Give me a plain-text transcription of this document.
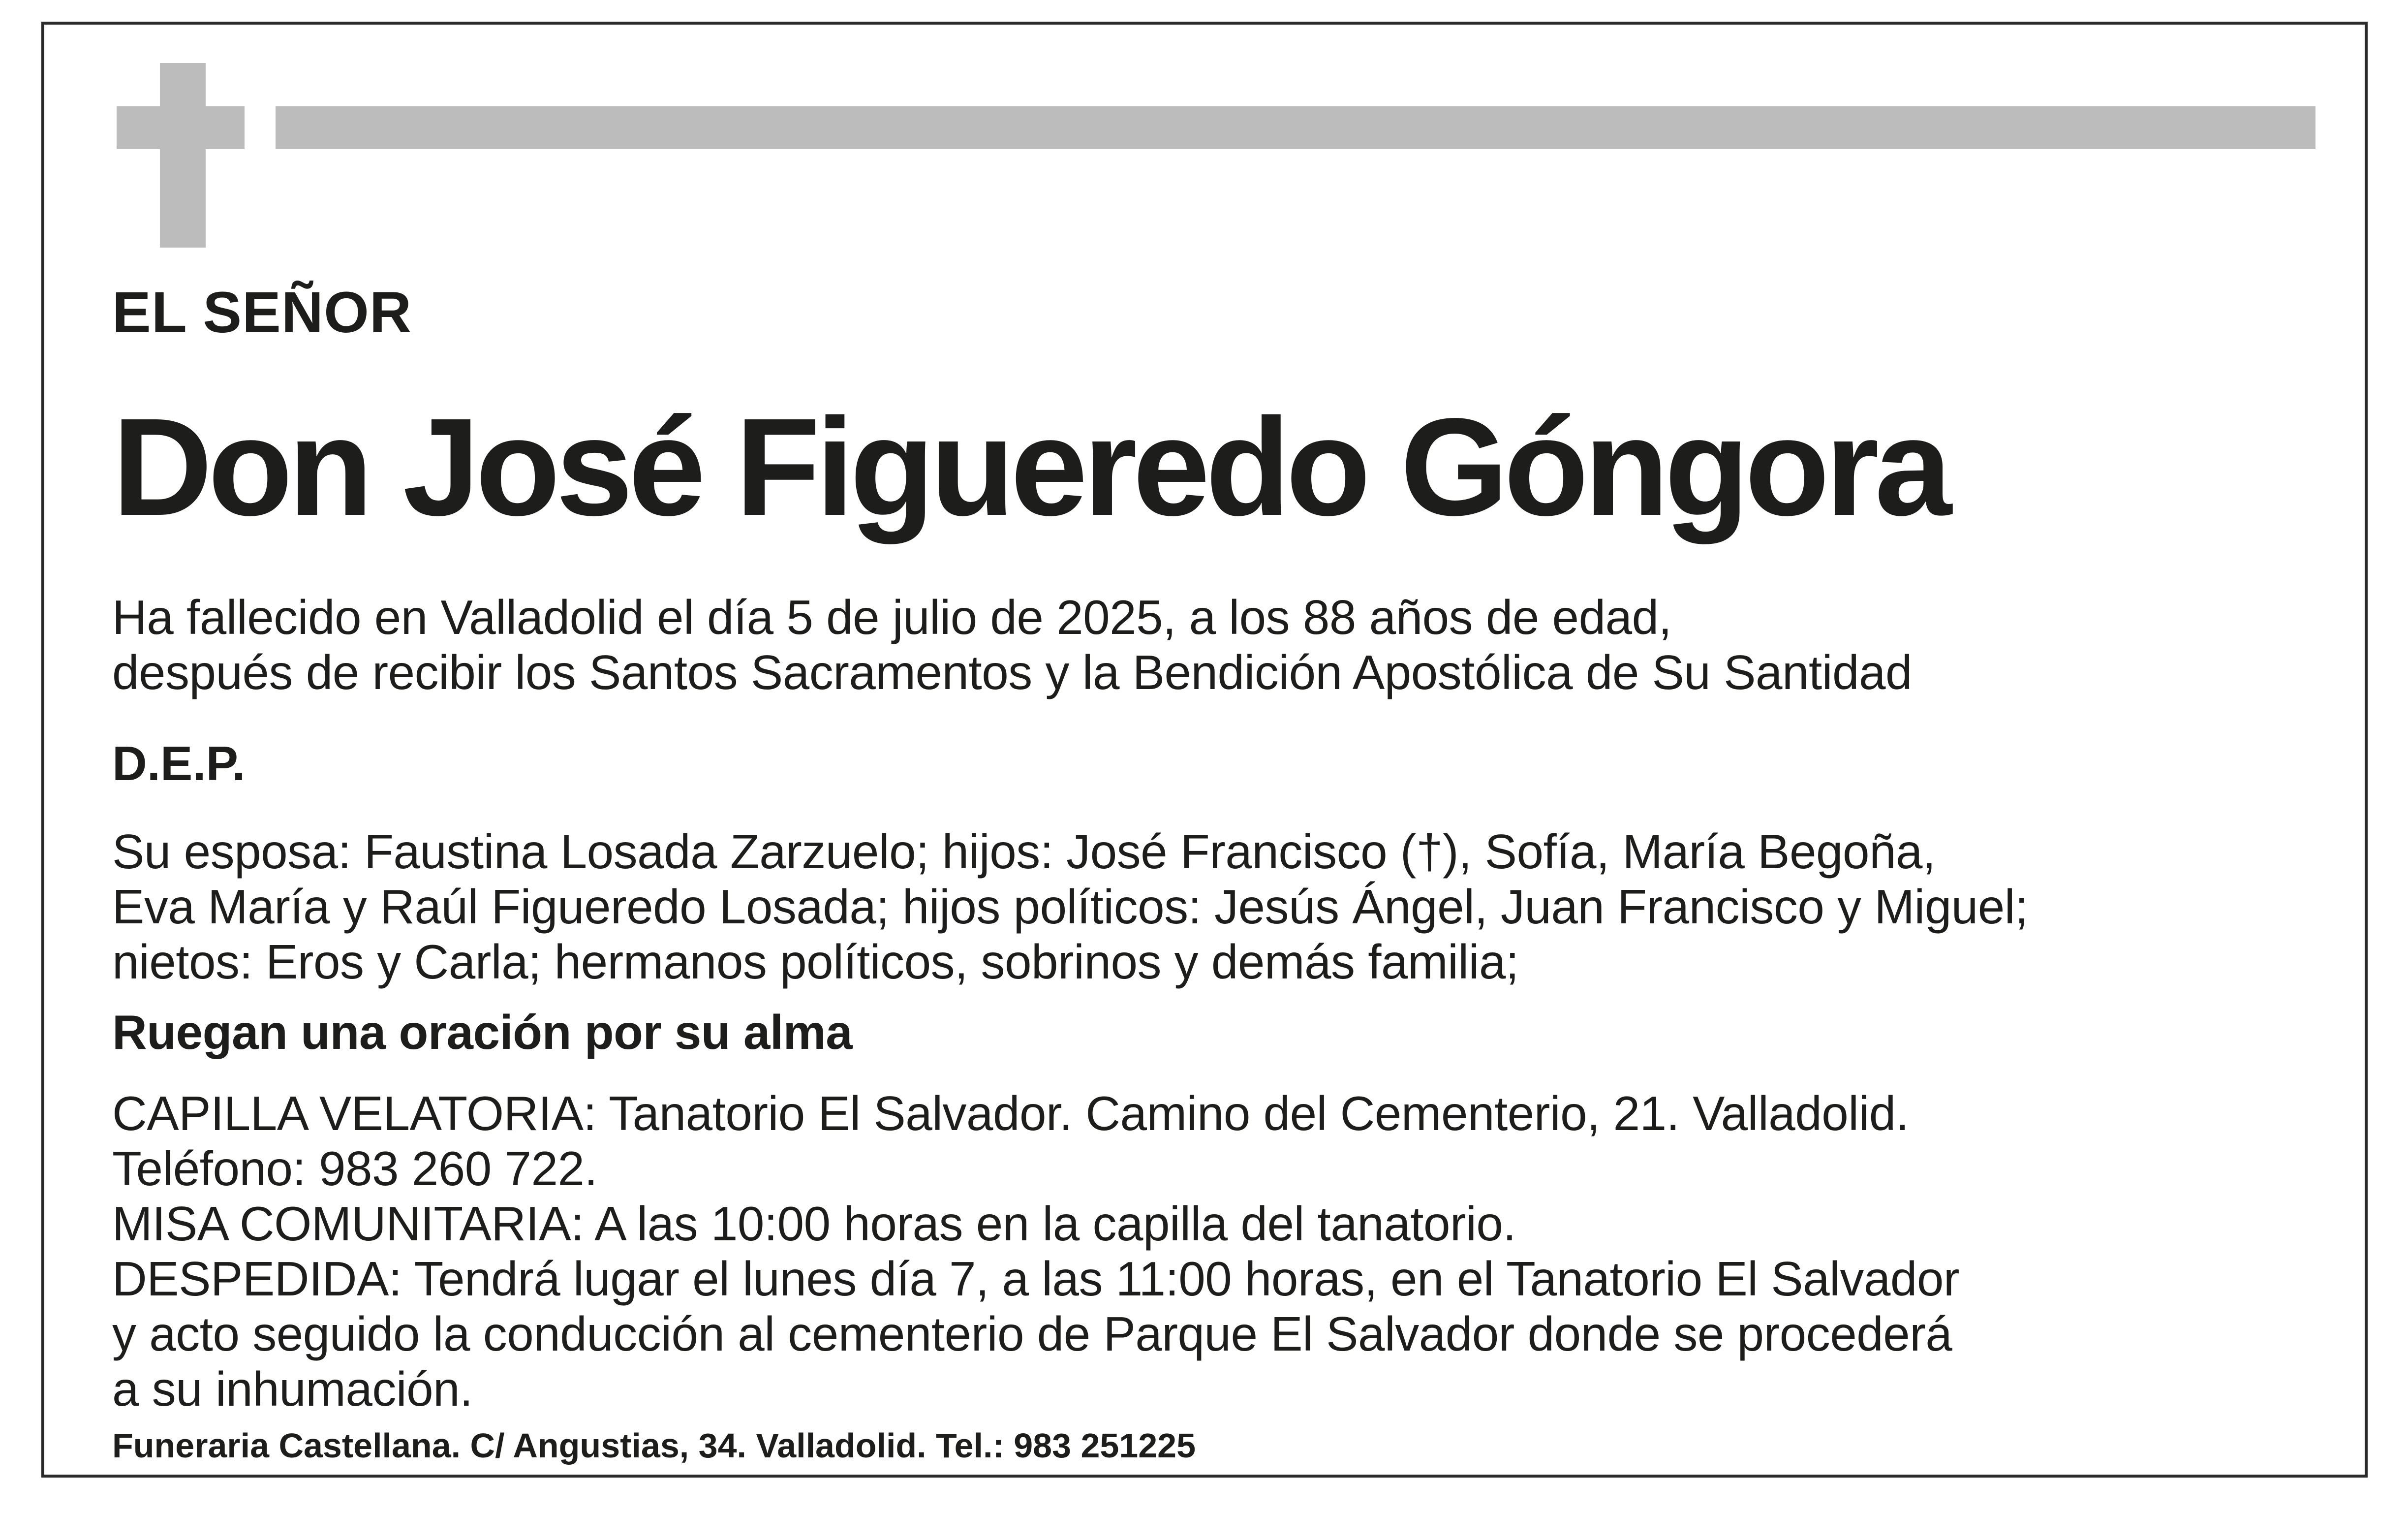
EL SEÑOR
Don José Figueredo Góngora
Ha fallecido en Valladolid el día 5 de julio de 2025, a los 88 años de edad,
después de recibir los Santos Sacramentos y la Bendición Apostólica de Su Santidad
D.E.P.
Su esposa: Faustina Losada Zarzuelo; hijos: José Francisco (†), Sofía, María Begoña,
Eva María y Raúl Figueredo Losada; hijos políticos: Jesús Ángel, Juan Francisco y Miguel;
nietos: Eros y Carla; hermanos políticos, sobrinos y demás familia;
Ruegan una oración por su alma
CAPILLA VELATORIA: Tanatorio El Salvador. Camino del Cementerio, 21. Valladolid.
Teléfono: 983 260 722.
MISA COMUNITARIA: A las 10:00 horas en la capilla del tanatorio.
DESPEDIDA: Tendrá lugar el lunes día 7, a las 11:00 horas, en el Tanatorio El Salvador
y acto seguido la conducción al cementerio de Parque El Salvador donde se procederá
a su inhumación.
Funeraria Castellana. C/ Angustias, 34. Valladolid. Tel.: 983 251225
